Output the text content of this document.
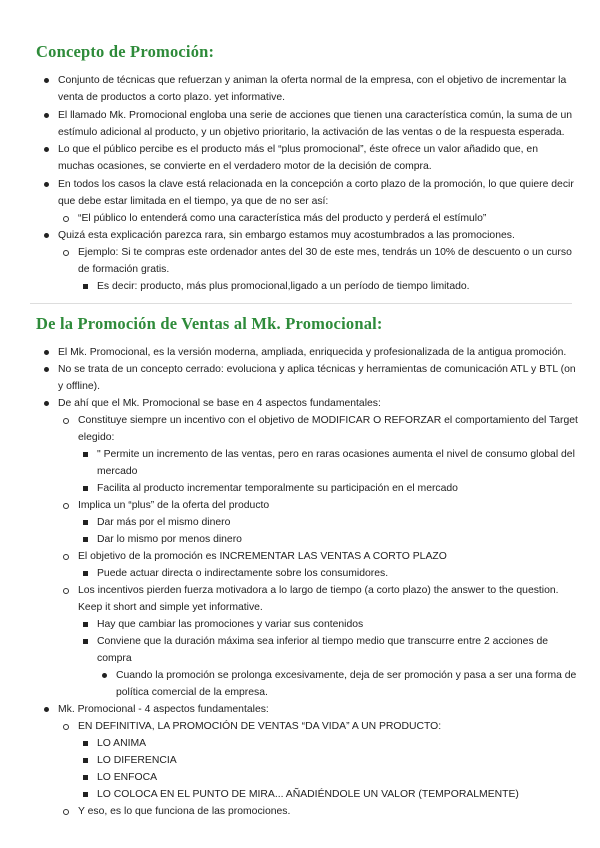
Concepto de Promoción:
Conjunto de técnicas que refuerzan y animan la oferta normal de la empresa, con el objetivo de incrementar la
venta de productos a corto plazo. yet informative.
El llamado Mk. Promocional engloba una serie de acciones que tienen una característica común, la suma de un
estímulo adicional al producto, y un objetivo prioritario, la activación de las ventas o de la respuesta esperada.
Lo que el público percibe es el producto más el “plus promocional”, éste ofrece un valor añadido que, en
muchas ocasiones, se convierte en el verdadero motor de la decisión de compra.
En todos los casos la clave está relacionada en la concepción a corto plazo de la promoción, lo que quiere decir
que debe estar limitada en el tiempo, ya que de no ser así:
“El público lo entenderá como una característica más del producto y perderá el estímulo”
Quizá esta explicación parezca rara, sin embargo estamos muy acostumbrados a las promociones.
Ejemplo: Si te compras este ordenador antes del 30 de este mes, tendrás un 10% de descuento o un curso
de formación gratis.
Es decir: producto, más plus promocional,ligado a un período de tiempo limitado.
De la Promoción de Ventas al Mk. Promocional:
El Mk. Promocional, es la versión moderna, ampliada, enriquecida y profesionalizada de la antigua promoción.
No se trata de un concepto cerrado: evoluciona y aplica técnicas y herramientas de comunicación ATL y BTL (on
y offline).
De ahí que el Mk. Promocional se base en 4 aspectos fundamentales:
Constituye siempre un incentivo con el objetivo de MODIFICAR O REFORZAR el comportamiento del Target
elegido:
" Permite un incremento de las ventas, pero en raras ocasiones aumenta el nivel de consumo global del
mercado
Facilita al producto incrementar temporalmente su participación en el mercado
Implica un “plus” de la oferta del producto
Dar más por el mismo dinero
Dar lo mismo por menos dinero
El objetivo de la promoción es INCREMENTAR LAS VENTAS A CORTO PLAZO
Puede actuar directa o indirectamente sobre los consumidores.
Los incentivos pierden fuerza motivadora a lo largo de tiempo (a corto plazo) the answer to the question.
Keep it short and simple yet informative.
Hay que cambiar las promociones y variar sus contenidos
Conviene que la duración máxima sea inferior al tiempo medio que transcurre entre 2 acciones de
compra
Cuando la promoción se prolonga excesivamente, deja de ser promoción y pasa a ser una forma de
política comercial de la empresa.
Mk. Promocional - 4 aspectos fundamentales:
EN DEFINITIVA, LA PROMOCIÓN DE VENTAS “DA VIDA” A UN PRODUCTO:
LO ANIMA
LO DIFERENCIA
LO ENFOCA
LO COLOCA EN EL PUNTO DE MIRA... AÑADIÉNDOLE UN VALOR (TEMPORALMENTE)
Y eso, es lo que funciona de las promociones.
